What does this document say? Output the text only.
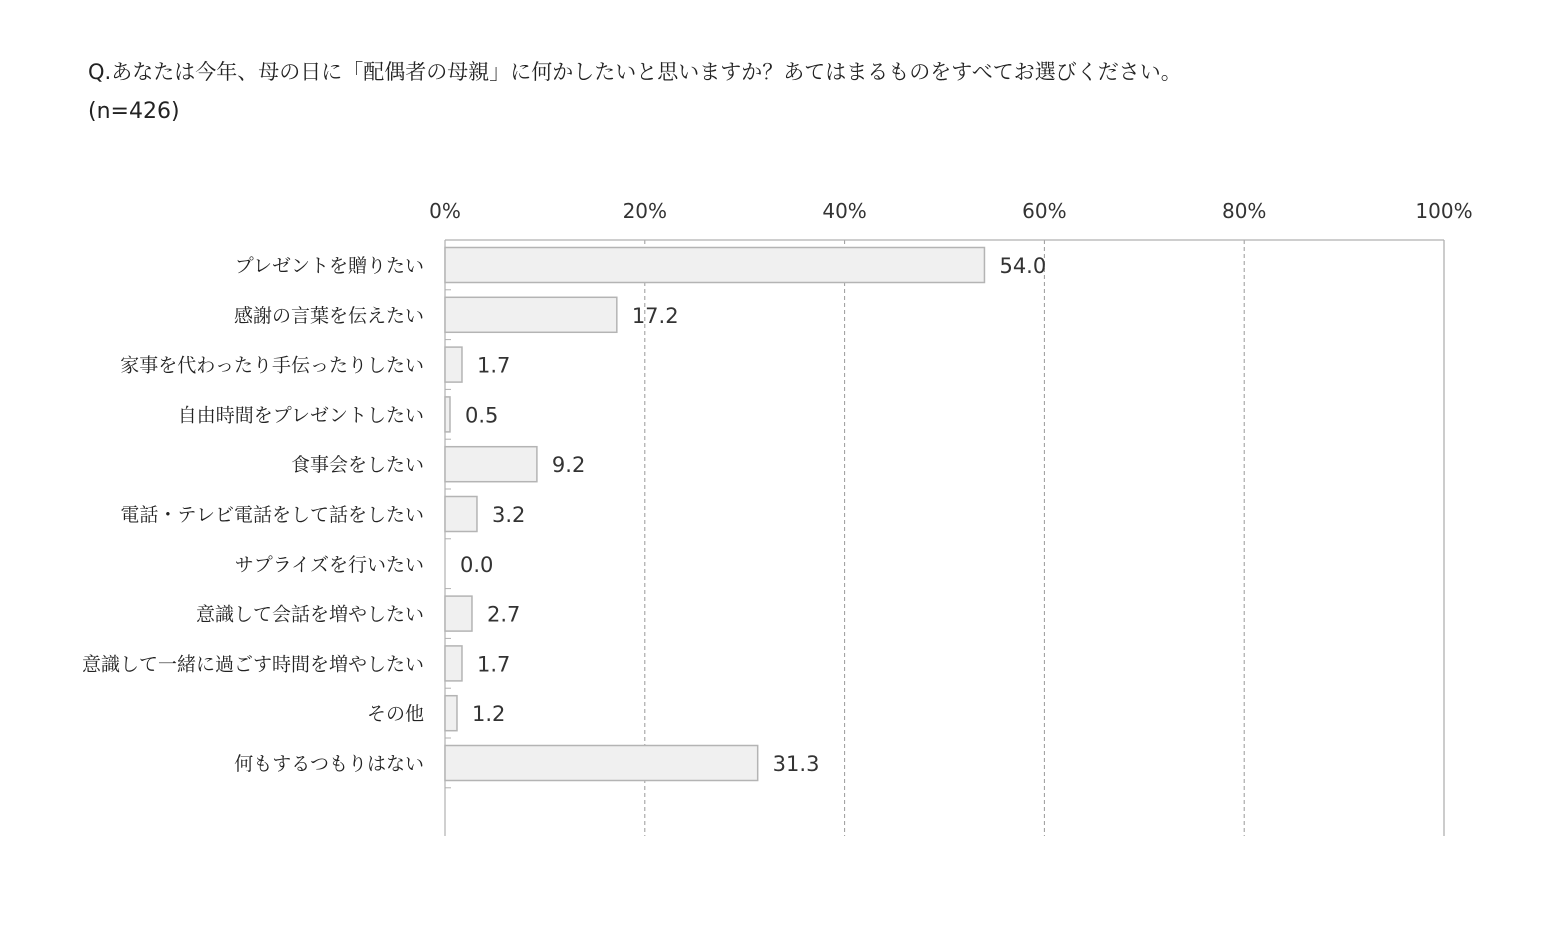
Q.あなたは今年、母の日に「配偶者の母親」に何かしたいと思いますか？あてはまるものをすべてお選びください。
(n=426)
0%	20%	40%	60%	80%	100%
プレゼントを贈りたい	54.0
感謝の言葉を伝えたい	17.2
家事を代わったり手伝ったりしたい	1.7
自由時間をプレゼントしたい 0.5
食事会をしたい	9.2
電話・テレビ電話をして話をしたい	3.2
サプライズを行いたい 0.0
意識して会話を増やしたい	2.7
意識して一緒に過ごす時間を増やしたい	1.7
その他 1.2
何もするつもりはない	31.3
